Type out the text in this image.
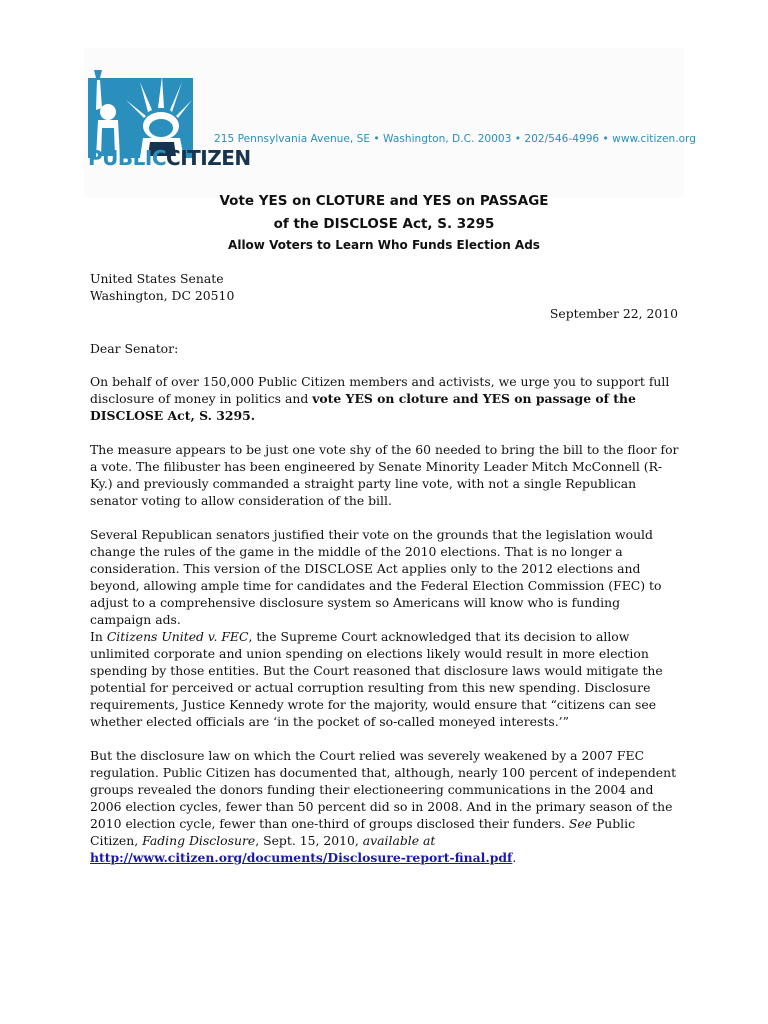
PUBLICCITIZEN
215 Pennsylvania Avenue, SE • Washington, D.C. 20003 • 202/546-4996 • www.citizen.org
Vote YES on CLOTURE and YES on PASSAGE
of the DISCLOSE Act, S. 3295
Allow Voters to Learn Who Funds Election Ads
United States Senate
Washington, DC 20510
September 22, 2010
Dear Senator:
On behalf of over 150,000 Public Citizen members and activists, we urge you to support full disclosure of money in politics and vote YES on cloture and YES on passage of the DISCLOSE Act, S. 3295.
The measure appears to be just one vote shy of the 60 needed to bring the bill to the floor for a vote. The filibuster has been engineered by Senate Minority Leader Mitch McConnell (R-Ky.) and previously commanded a straight party line vote, with not a single Republican senator voting to allow consideration of the bill.
Several Republican senators justified their vote on the grounds that the legislation would change the rules of the game in the middle of the 2010 elections. That is no longer a consideration. This version of the DISCLOSE Act applies only to the 2012 elections and beyond, allowing ample time for candidates and the Federal Election Commission (FEC) to adjust to a comprehensive disclosure system so Americans will know who is funding campaign ads.
In Citizens United v. FEC, the Supreme Court acknowledged that its decision to allow unlimited corporate and union spending on elections likely would result in more election spending by those entities. But the Court reasoned that disclosure laws would mitigate the potential for perceived or actual corruption resulting from this new spending. Disclosure requirements, Justice Kennedy wrote for the majority, would ensure that “citizens can see whether elected officials are ‘in the pocket of so-called moneyed interests.’”
But the disclosure law on which the Court relied was severely weakened by a 2007 FEC regulation. Public Citizen has documented that, although, nearly 100 percent of independent groups revealed the donors funding their electioneering communications in the 2004 and 2006 election cycles, fewer than 50 percent did so in 2008. And in the primary season of the 2010 election cycle, fewer than one-third of groups disclosed their funders. See Public Citizen, Fading Disclosure, Sept. 15, 2010, available at http://www.citizen.org/documents/Disclosure-report-final.pdf.
